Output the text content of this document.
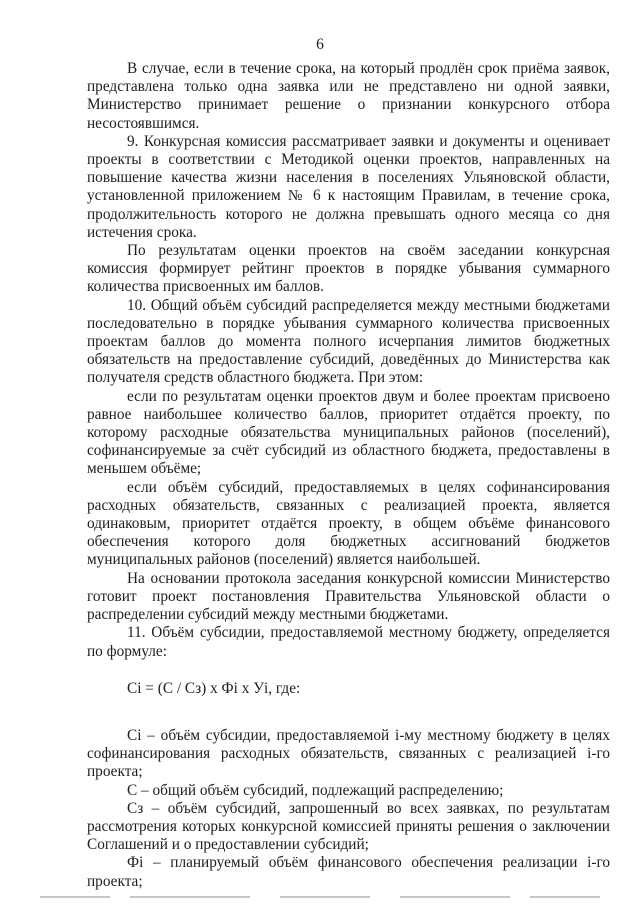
6

В случае, если в течение срока, на который продлён срок приёма заявок, представлена только одна заявка или не представлено ни одной заявки, Министерство принимает решение о признании конкурсного отбора несостоявшимся.

9. Конкурсная комиссия рассматривает заявки и документы и оценивает проекты в соответствии с Методикой оценки проектов, направленных на повышение качества жизни населения в поселениях Ульяновской области, установленной приложением № 6 к настоящим Правилам, в течение срока, продолжительность которого не должна превышать одного месяца со дня истечения срока.

По результатам оценки проектов на своём заседании конкурсная комиссия формирует рейтинг проектов в порядке убывания суммарного количества присвоенных им баллов.

10. Общий объём субсидий распределяется между местными бюджетами последовательно в порядке убывания суммарного количества присвоенных проектам баллов до момента полного исчерпания лимитов бюджетных обязательств на предоставление субсидий, доведённых до Министерства как получателя средств областного бюджета. При этом:

если по результатам оценки проектов двум и более проектам присвоено равное наибольшее количество баллов, приоритет отдаётся проекту, по которому расходные обязательства муниципальных районов (поселений), софинансируемые за счёт субсидий из областного бюджета, предоставлены в меньшем объёме;

если объём субсидий, предоставляемых в целях софинансирования расходных обязательств, связанных с реализацией проекта, является одинаковым, приоритет отдаётся проекту, в общем объёме финансового обеспечения которого доля бюджетных ассигнований бюджетов муниципальных районов (поселений) является наибольшей.

На основании протокола заседания конкурсной комиссии Министерство готовит проект постановления Правительства Ульяновской области о распределении субсидий между местными бюджетами.

11. Объём субсидии, предоставляемой местному бюджету, определяется по формуле:

Ci = (С / Сз) х Фi х Уi, где:

Ci – объём субсидии, предоставляемой i-му местному бюджету в целях софинансирования расходных обязательств, связанных с реализацией i-го проекта;

С – общий объём субсидий, подлежащий распределению;

Сз – объём субсидий, запрошенный во всех заявках, по результатам рассмотрения которых конкурсной комиссией приняты решения о заключении Соглашений и о предоставлении субсидий;

Фi – планируемый объём финансового обеспечения реализации i-го проекта;
